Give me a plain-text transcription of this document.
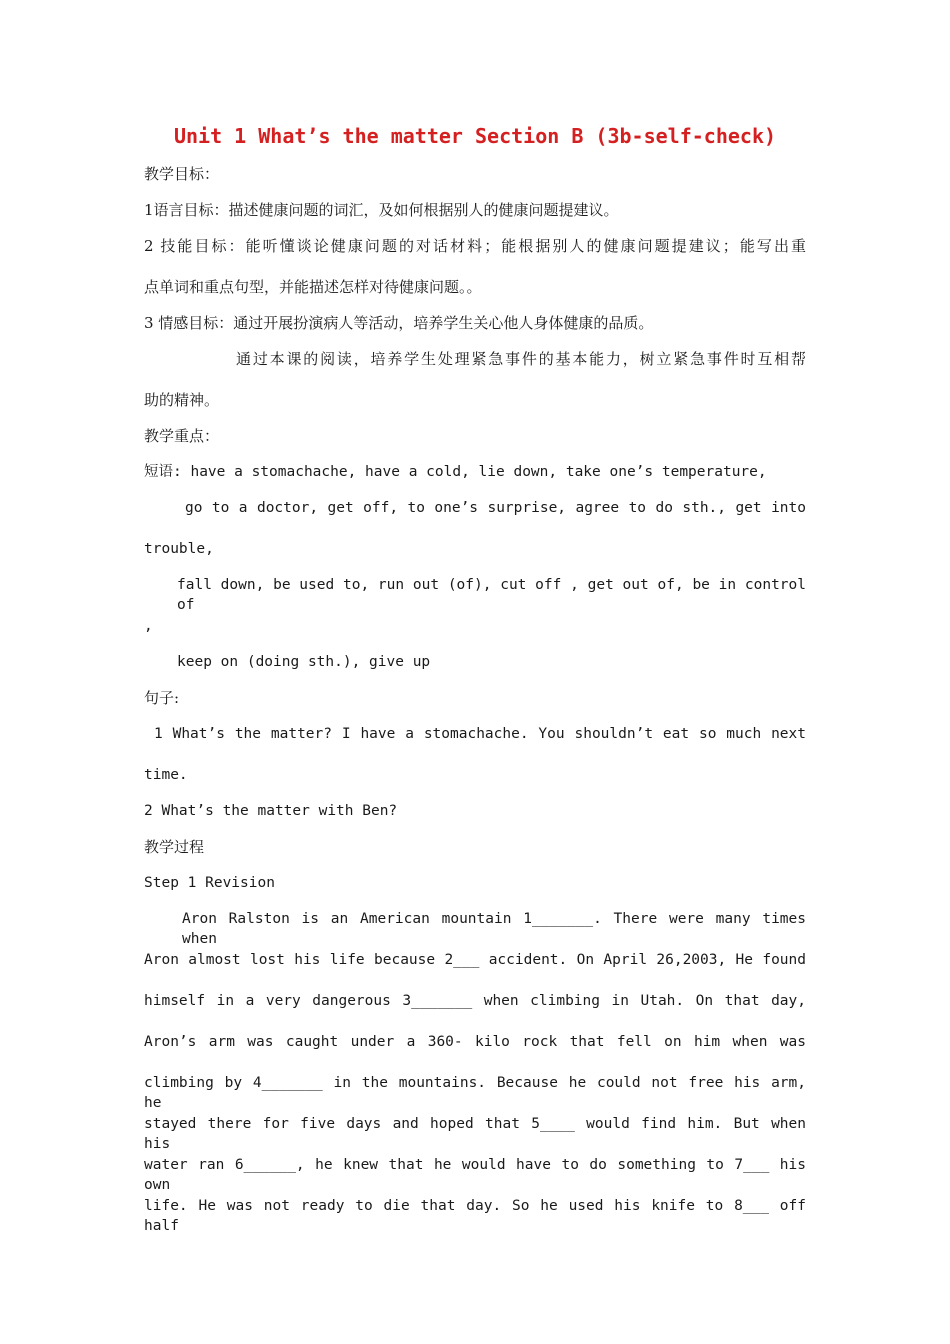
Unit 1 What’s the matter Section B (3b-self-check)
教学目标：
1语言目标：描述健康问题的词汇，及如何根据别人的健康问题提建议。
2 技能目标：能听懂谈论健康问题的对话材料；能根据别人的健康问题提建议；能写出重
点单词和重点句型，并能描述怎样对待健康问题。。
3 情感目标：通过开展扮演病人等活动，培养学生关心他人身体健康的品质。
通过本课的阅读，培养学生处理紧急事件的基本能力，树立紧急事件时互相帮
助的精神。
教学重点：
短语: have a stomachache, have a cold, lie down, take one’s temperature,
go to a doctor, get off, to one’s surprise, agree to do sth., get into
trouble,
fall down, be used to, run out (of), cut off , get out of, be in control of
,
keep on (doing sth.), give up
句子:
1 What’s the matter? I have a stomachache. You shouldn’t eat so much next
time.
2 What’s the matter with Ben?
教学过程
Step 1 Revision
Aron Ralston is an American mountain 1_______. There were many times when
Aron almost lost his life because 2___ accident. On April 26,2003, He found
himself in a very dangerous 3_______ when climbing in Utah. On that day,
Aron’s arm was caught under a 360- kilo rock that fell on him when was
climbing by 4_______ in the mountains. Because he could not free his arm, he
stayed there for five days and hoped that 5____ would find him. But when his
water ran 6______, he knew that he would have to do something to 7___ his own
life. He was not ready to die that day. So he used his knife to 8___ off half
